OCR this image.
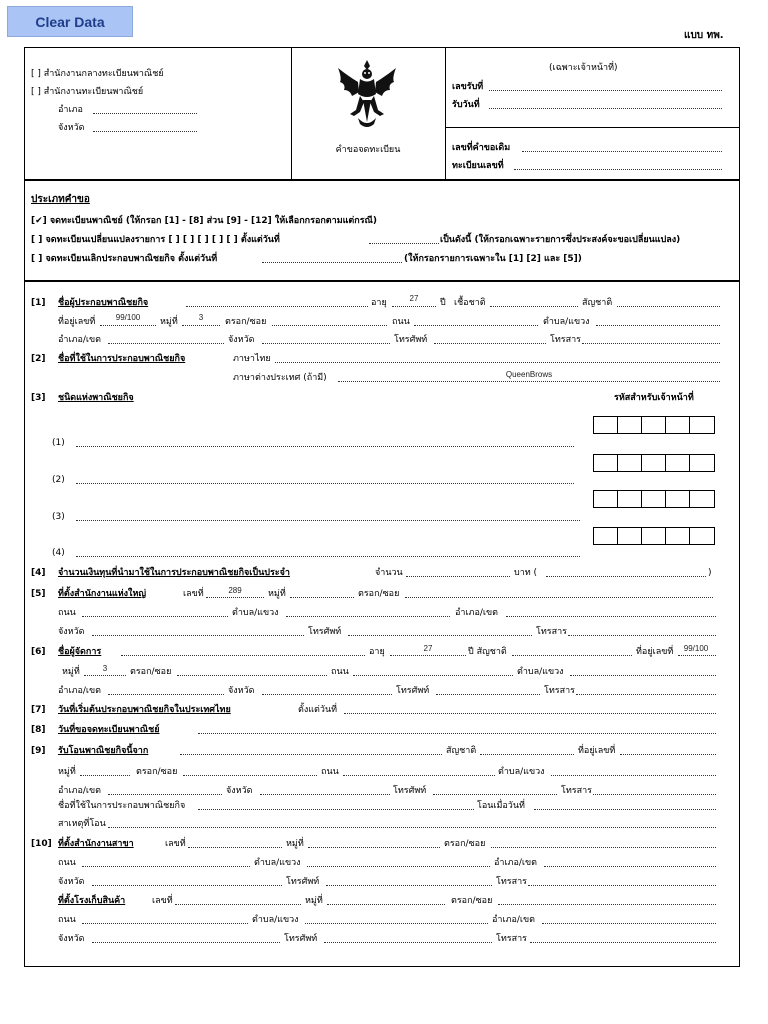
Clear Data
แบบ ทพ.
[ ] สำนักงานกลางทะเบียนพาณิชย์
[ ] สำนักงานทะเบียนพาณิชย์
อำเภอ
จังหวัด
คำขอจดทะเบียน
(เฉพาะเจ้าหน้าที่)
เลขรับที่
รับวันที่
เลขที่คำขอเดิม
ทะเบียนเลขที่
ประเภทคำขอ
[✔] จดทะเบียนพาณิชย์ (ให้กรอก [1] - [8] ส่วน [9] - [12] ให้เลือกกรอกตามแต่กรณี)
[ ] จดทะเบียนเปลี่ยนแปลงรายการ [ ] [ ] [ ] [ ] [ ] ตั้งแต่วันที่	เป็นดังนี้ (ให้กรอกเฉพาะรายการซึ่งประสงค์จะขอเปลี่ยนแปลง)
[ ] จดทะเบียนเลิกประกอบพาณิชยกิจ ตั้งแต่วันที่	(ให้กรอกรายการเฉพาะใน [1] [2] และ [5])
[1] ชื่อผู้ประกอบพาณิชยกิจ	อายุ	27	ปี เชื้อชาติ	สัญชาติ
ที่อยู่เลขที่	99/100	หมู่ที่	3	ตรอก/ซอย	ถนน	ตำบล/แขวง
อำเภอ/เขต	จังหวัด	โทรศัพท์	โทรสาร
[2] ชื่อที่ใช้ในการประกอบพาณิชยกิจ	ภาษาไทย
ภาษาต่างประเทศ (ถ้ามี)	QueenBrows
[3] ชนิดแห่งพาณิชยกิจ	รหัสสำหรับเจ้าหน้าที่
(1)
(2)
(3)
(4)
[4] จำนวนเงินทุนที่นำมาใช้ในการประกอบพาณิชยกิจเป็นประจำ	จำนวน	บาท (	)
[5] ที่ตั้งสำนักงานแห่งใหญ่	เลขที่	289	หมู่ที่	ตรอก/ซอย
ถนน	ตำบล/แขวง	อำเภอ/เขต
จังหวัด	โทรศัพท์	โทรสาร
[6] ชื่อผู้จัดการ	อายุ	27	ปี สัญชาติ	ที่อยู่เลขที่	99/100
หมู่ที่	3	ตรอก/ซอย	ถนน	ตำบล/แขวง
อำเภอ/เขต	จังหวัด	โทรศัพท์	โทรสาร
[7] วันที่เริ่มต้นประกอบพาณิชยกิจในประเทศไทย	ตั้งแต่วันที่
[8] วันที่ขอจดทะเบียนพาณิชย์
[9] รับโอนพาณิชยกิจนี้จาก	สัญชาติ	ที่อยู่เลขที่
หมู่ที่	ตรอก/ซอย	ถนน	ตำบล/แขวง
อำเภอ/เขต	จังหวัด	โทรศัพท์	โทรสาร
ชื่อที่ใช้ในการประกอบพาณิชยกิจ	โอนเมื่อวันที่
สาเหตุที่โอน
[10] ที่ตั้งสำนักงานสาขา	เลขที่	หมู่ที่	ตรอก/ซอย
ถนน	ตำบล/แขวง	อำเภอ/เขต
จังหวัด	โทรศัพท์	โทรสาร
ที่ตั้งโรงเก็บสินค้า	เลขที่	หมู่ที่	ตรอก/ซอย
ถนน	ตำบล/แขวง	อำเภอ/เขต
จังหวัด	โทรศัพท์	โทรสาร
